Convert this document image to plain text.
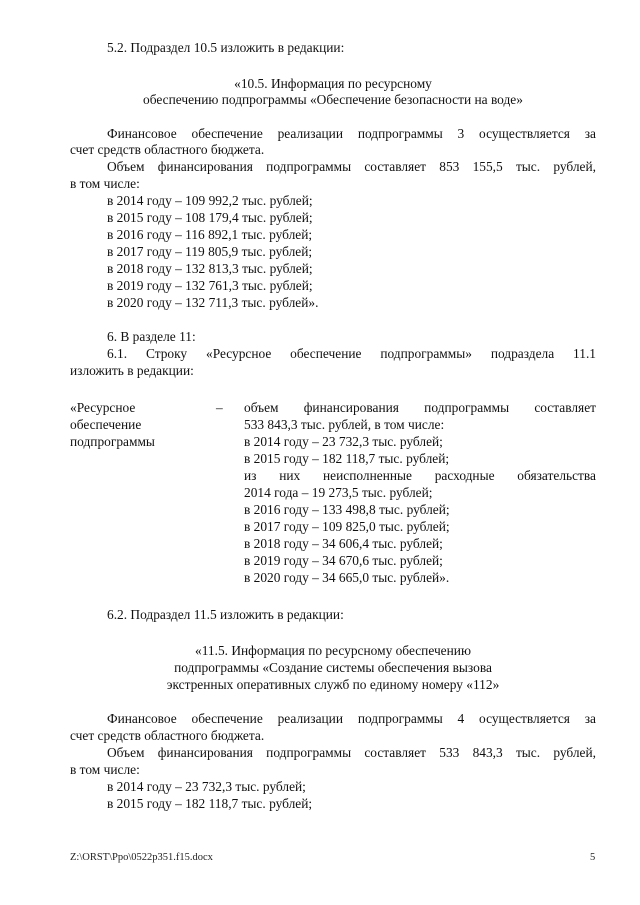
5.2. Подраздел 10.5 изложить в редакции:
«10.5. Информация по ресурсному
обеспечению подпрограммы «Обеспечение безопасности на воде»
Финансовое обеспечение реализации подпрограммы 3 осуществляется за
счет средств областного бюджета.
Объем финансирования подпрограммы составляет 853 155,5 тыс. рублей,
в том числе:
в 2014 году – 109 992,2 тыс. рублей;
в 2015 году – 108 179,4 тыс. рублей;
в 2016 году – 116 892,1 тыс. рублей;
в 2017 году – 119 805,9 тыс. рублей;
в 2018 году – 132 813,3 тыс. рублей;
в 2019 году – 132 761,3 тыс. рублей;
в 2020 году – 132 711,3 тыс. рублей».
6. В разделе 11:
6.1. Строку «Ресурсное обеспечение подпрограммы» подраздела 11.1
изложить в редакции:
«Ресурсное
обеспечение
подпрограммы
– объем финансирования подпрограммы составляет
533 843,3 тыс. рублей, в том числе:
в 2014 году – 23 732,3 тыс. рублей;
в 2015 году – 182 118,7 тыс. рублей;
из них неисполненные расходные обязательства
2014 года – 19 273,5 тыс. рублей;
в 2016 году – 133 498,8 тыс. рублей;
в 2017 году – 109 825,0 тыс. рублей;
в 2018 году – 34 606,4 тыс. рублей;
в 2019 году – 34 670,6 тыс. рублей;
в 2020 году – 34 665,0 тыс. рублей».
6.2. Подраздел 11.5 изложить в редакции:
«11.5. Информация по ресурсному обеспечению
подпрограммы «Создание системы обеспечения вызова
экстренных оперативных служб по единому номеру «112»
Финансовое обеспечение реализации подпрограммы 4 осуществляется за
счет средств областного бюджета.
Объем финансирования подпрограммы составляет 533 843,3 тыс. рублей,
в том числе:
в 2014 году – 23 732,3 тыс. рублей;
в 2015 году – 182 118,7 тыс. рублей;
Z:\ORST\Ppo\0522p351.f15.docx	5
